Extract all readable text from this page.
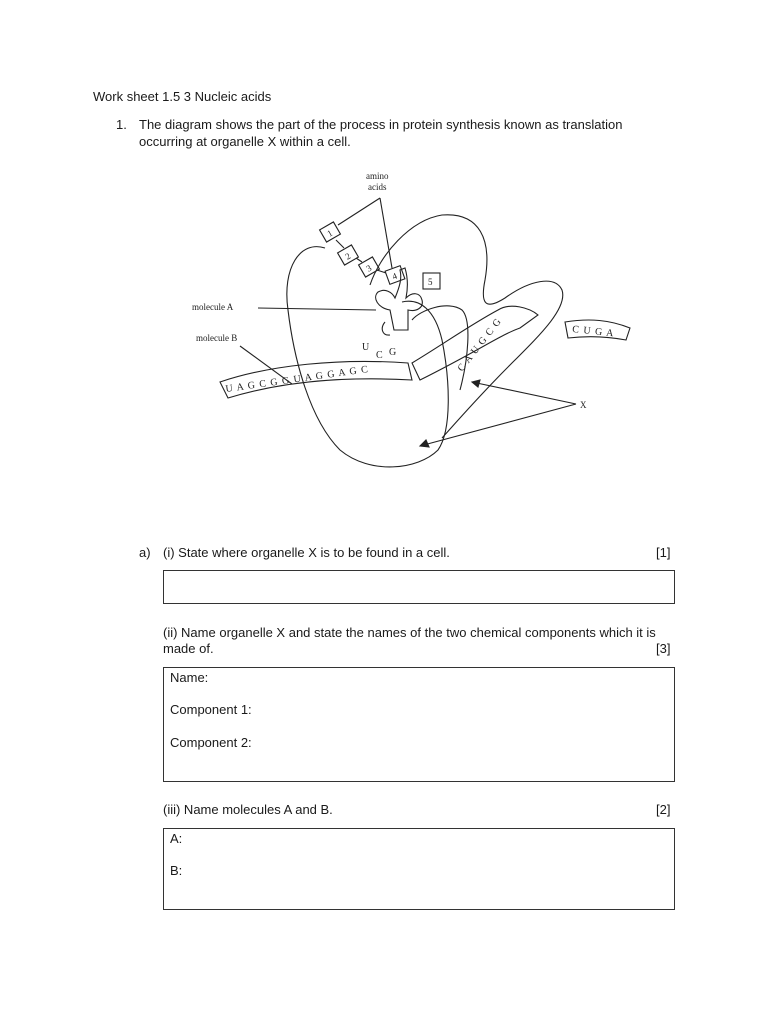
Work sheet 1.5 3 Nucleic acids
1. The diagram shows the part of the process in protein synthesis known as translation
occurring at organelle X within a cell.
amino
acids
molecule A
molecule B
X
1
2
3
4
5
U
C G
U A G C G G U A G G A G C
C A U G C G	C U G A
a) (i) State where organelle X is to be found in a cell.	[1]
(ii) Name organelle X and state the names of the two chemical components which it is
made of.	[3]
Name:
Component 1:
Component 2:
(iii) Name molecules A and B.	[2]
A:
B:
